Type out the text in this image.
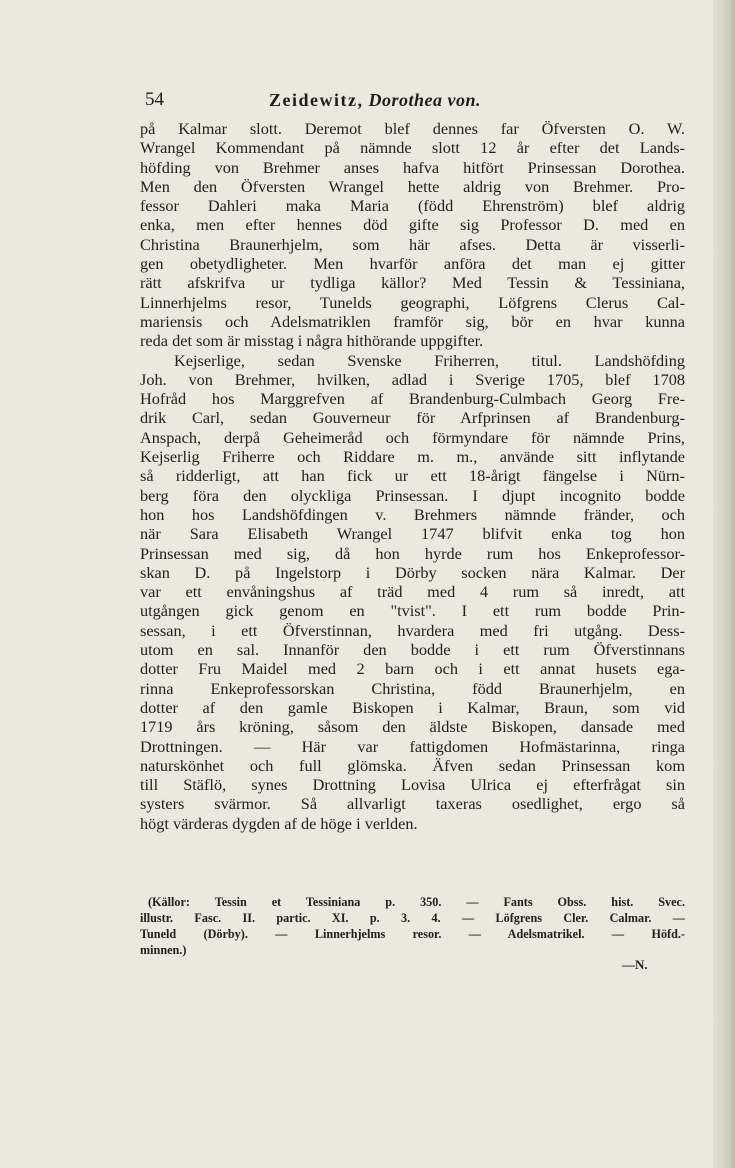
54	Zeidewitz, Dorothea von.
på Kalmar slott. Deremot blef dennes far Öfversten O. W.
Wrangel Kommendant på nämnde slott 12 år efter det Lands-
höfding von Brehmer anses hafva hitfört Prinsessan Dorothea.
Men den Öfversten Wrangel hette aldrig von Brehmer. Pro-
fessor Dahleri maka Maria (född Ehrenström) blef aldrig
enka, men efter hennes död gifte sig Professor D. med en
Christina Braunerhjelm, som här afses. Detta är visserli-
gen obetydligheter. Men hvarför anföra det man ej gitter
rätt afskrifva ur tydliga källor? Med Tessin & Tessiniana,
Linnerhjelms resor, Tunelds geographi, Löfgrens Clerus Cal-
mariensis och Adelsmatriklen framför sig, bör en hvar kunna
reda det som är misstag i några hithörande uppgifter.
Kejserlige, sedan Svenske Friherren, titul. Landshöfding
Joh. von Brehmer, hvilken, adlad i Sverige 1705, blef 1708
Hofråd hos Marggrefven af Brandenburg-Culmbach Georg Fre-
drik Carl, sedan Gouverneur för Arfprinsen af Brandenburg-
Anspach, derpå Geheimeråd och förmyndare för nämnde Prins,
Kejserlig Friherre och Riddare m. m., använde sitt inflytande
så ridderligt, att han fick ur ett 18-årigt fängelse i Nürn-
berg föra den olyckliga Prinsessan. I djupt incognito bodde
hon hos Landshöfdingen v. Brehmers nämnde fränder, och
när Sara Elisabeth Wrangel 1747 blifvit enka tog hon
Prinsessan med sig, då hon hyrde rum hos Enkeprofessor-
skan D. på Ingelstorp i Dörby socken nära Kalmar. Der
var ett envåningshus af träd med 4 rum så inredt, att
utgången gick genom en "tvist". I ett rum bodde Prin-
sessan, i ett Öfverstinnan, hvardera med fri utgång. Dess-
utom en sal. Innanför den bodde i ett rum Öfverstinnans
dotter Fru Maidel med 2 barn och i ett annat husets ega-
rinna Enkeprofessorskan Christina, född Braunerhjelm, en
dotter af den gamle Biskopen i Kalmar, Braun, som vid
1719 års kröning, såsom den äldste Biskopen, dansade med
Drottningen. — Här var fattigdomen Hofmästarinna, ringa
naturskönhet och full glömska. Äfven sedan Prinsessan kom
till Stäflö, synes Drottning Lovisa Ulrica ej efterfrågat sin
systers svärmor. Så allvarligt taxeras osedlighet, ergo så
högt värderas dygden af de höge i verlden.
(Källor: Tessin et Tessiniana p. 350. — Fants Obss. hist. Svec.
illustr. Fasc. II. partic. XI. p. 3. 4. — Löfgrens Cler. Calmar. —
Tuneld (Dörby). — Linnerhjelms resor. — Adelsmatrikel. — Höfd.-
minnen.)
—N.
